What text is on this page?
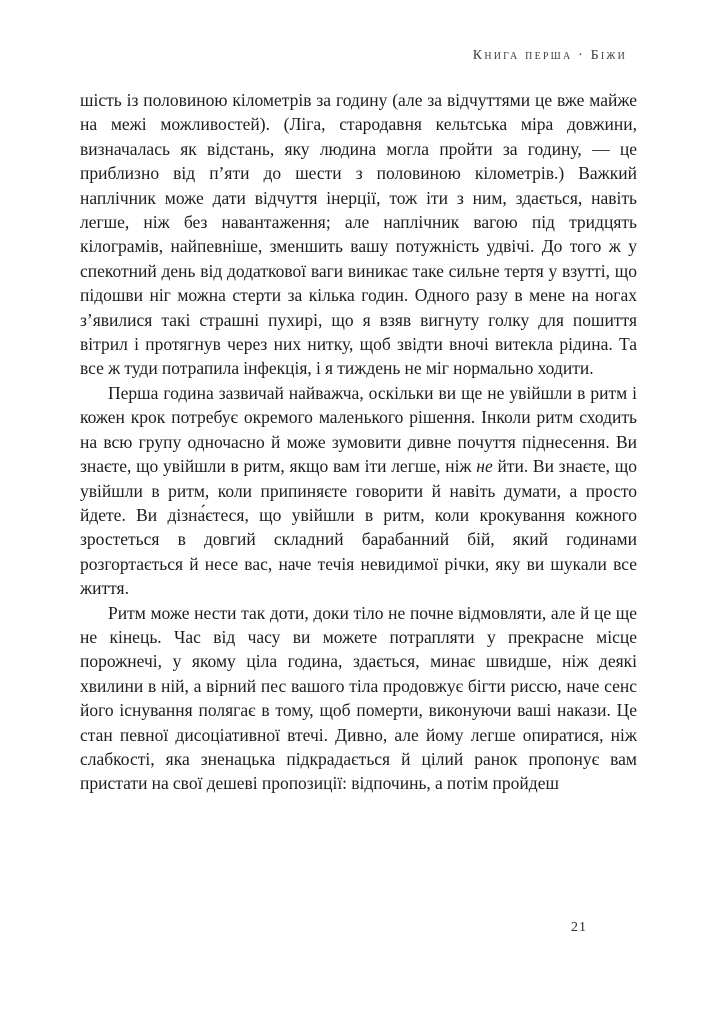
Книга перша · Біжи

шість із половиною кілометрів за годину (але за відчуттями це вже майже на межі можливостей). (Ліга, стародавня кельтська міра довжини, визначалась як відстань, яку людина могла пройти за годину, — це приблизно від п’яти до шести з половиною кілометрів.) Важкий наплічник може дати відчуття інерції, тож іти з ним, здається, навіть легше, ніж без навантаження; але наплічник вагою під тридцять кілограмів, найпевніше, зменшить вашу потужність удвічі. До того ж у спекотний день від додаткової ваги виникає таке сильне тертя у взутті, що підошви ніг можна стерти за кілька годин. Одного разу в мене на ногах з’явилися такі страшні пухирі, що я взяв вигнуту голку для пошиття вітрил і протягнув через них нитку, щоб звідти вночі витекла рідина. Та все ж туди потрапила інфекція, і я тиждень не міг нормально ходити.

Перша година зазвичай найважча, оскільки ви ще не увійшли в ритм і кожен крок потребує окремого маленького рішення. Інколи ритм сходить на всю групу одночасно й може зумовити дивне почуття піднесення. Ви знаєте, що увійшли в ритм, якщо вам іти легше, ніж не йти. Ви знаєте, що увійшли в ритм, коли припиняєте говорити й навіть думати, а просто йдете. Ви дізна́єтеся, що увійшли в ритм, коли крокування кожного зростеться в довгий складний барабанний бій, який годинами розгортається й несе вас, наче течія невидимої річки, яку ви шукали все життя.

Ритм може нести так доти, доки тіло не почне відмовляти, але й це ще не кінець. Час від часу ви можете потрапляти у прекрасне місце порожнечі, у якому ціла година, здається, минає швидше, ніж деякі хвилини в ній, а вірний пес вашого тіла продовжує бігти риссю, наче сенс його існування полягає в тому, щоб померти, виконуючи ваші накази. Це стан певної дисоціативної втечі. Дивно, але йому легше опиратися, ніж слабкості, яка зненацька підкрадається й цілий ранок пропонує вам пристати на свої дешеві пропозиції: відпочинь, а потім пройдеш

21
